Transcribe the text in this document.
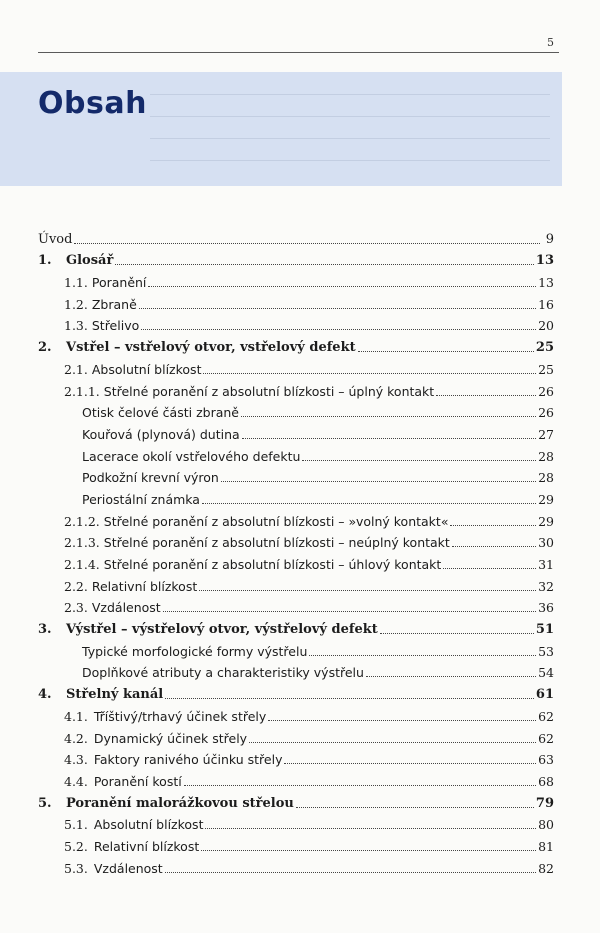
5
Obsah
Úvod	9
1.	Glosář	13
1.1. Poranění	13
1.2. Zbraně	16
1.3. Střelivo	20
2.	Vstřel – vstřelový otvor, vstřelový defekt	25
2.1. Absolutní blízkost	25
2.1.1. Střelné poranění z absolutní blízkosti – úplný kontakt	26
Otisk čelové části zbraně	26
Kouřová (plynová) dutina	27
Lacerace okolí vstřelového defektu	28
Podkožní krevní výron	28
Periostální známka	29
2.1.2. Střelné poranění z absolutní blízkosti – »volný kontakt«	29
2.1.3. Střelné poranění z absolutní blízkosti – neúplný kontakt	30
2.1.4. Střelné poranění z absolutní blízkosti – úhlový kontakt	31
2.2. Relativní blízkost	32
2.3. Vzdálenost	36
3.	Výstřel – výstřelový otvor, výstřelový defekt	51
Typické morfologické formy výstřelu	53
Doplňkové atributy a charakteristiky výstřelu	54
4.	Střelný kanál	61
4.1. Tříštivý/trhavý účinek střely	62
4.2. Dynamický účinek střely	62
4.3. Faktory ranivého účinku střely	63
4.4. Poranění kostí	68
5.	Poranění malorážkovou střelou	79
5.1. Absolutní blízkost	80
5.2. Relativní blízkost	81
5.3. Vzdálenost	82
